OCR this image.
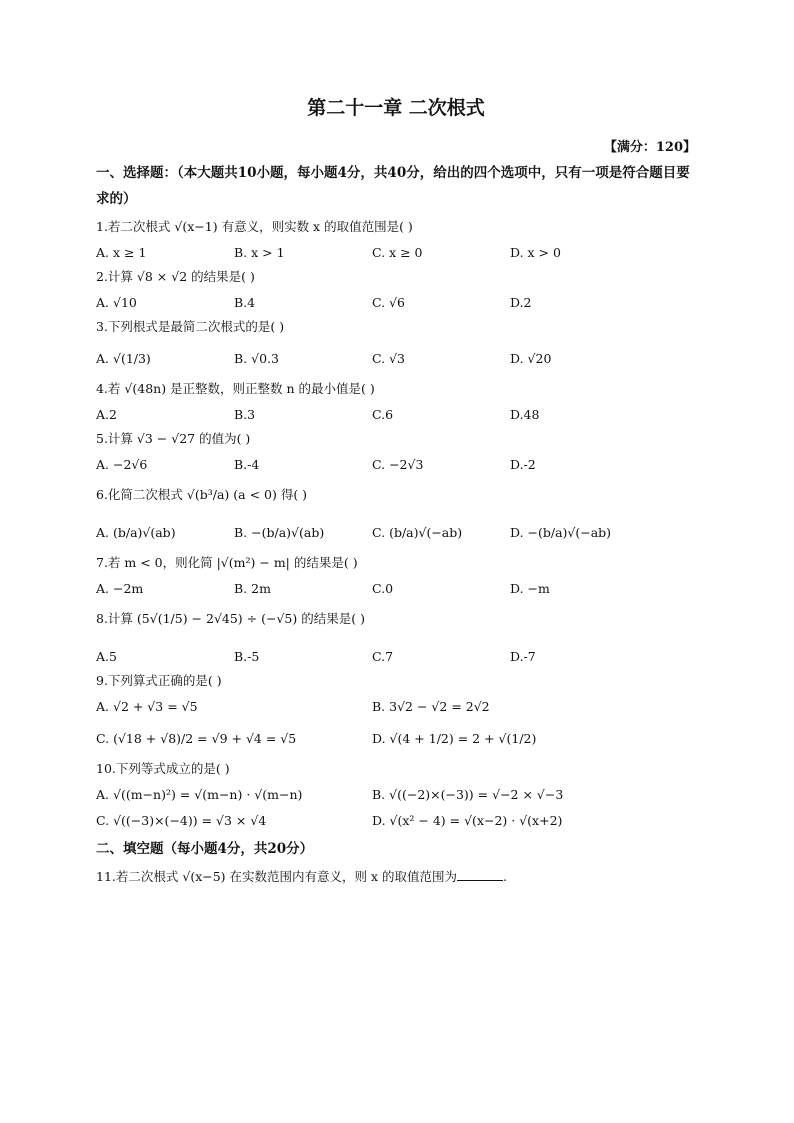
第二十一章 二次根式
【满分：120】
一、选择题：（本大题共10小题，每小题4分，共40分，给出的四个选项中，只有一项是符合题目要求的）
1.若二次根式 √(x−1) 有意义，则实数 x 的取值范围是( )
A. x ≥ 1	B. x > 1	C. x ≥ 0	D. x > 0
2.计算 √8 × √2 的结果是( )
A. √10	B.4	C. √6	D.2
3.下列根式是最简二次根式的是( )
A. √(1/3)	B. √0.3	C. √3	D. √20
4.若 √(48n) 是正整数，则正整数 n 的最小值是( )
A.2	B.3	C.6	D.48
5.计算 √3 − √27 的值为( )
A. −2√6	B.-4	C. −2√3	D.-2
6.化简二次根式 √(b³/a) (a < 0) 得( )
A. (b/a)√(ab)	B. −(b/a)√(ab)	C. (b/a)√(−ab)	D. −(b/a)√(−ab)
7.若 m < 0，则化简 |√(m²) − m| 的结果是( )
A. −2m	B. 2m	C.0	D. −m
8.计算 (5√(1/5) − 2√45) ÷ (−√5) 的结果是( )
A.5	B.-5	C.7	D.-7
9.下列算式正确的是( )
A. √2 + √3 = √5	B. 3√2 − √2 = 2√2
C. (√18 + √8)/2 = √9 + √4 = √5	D. √(4 + 1/2) = 2 + √(1/2)
10.下列等式成立的是( )
A. √((m−n)²) = √(m−n) · √(m−n)	B. √((−2)×(−3)) = √−2 × √−3
C. √((−3)×(−4)) = √3 × √4	D. √(x² − 4) = √(x−2) · √(x+2)
二、填空题（每小题4分，共20分）
11.若二次根式 √(x−5) 在实数范围内有意义，则 x 的取值范围为	.
